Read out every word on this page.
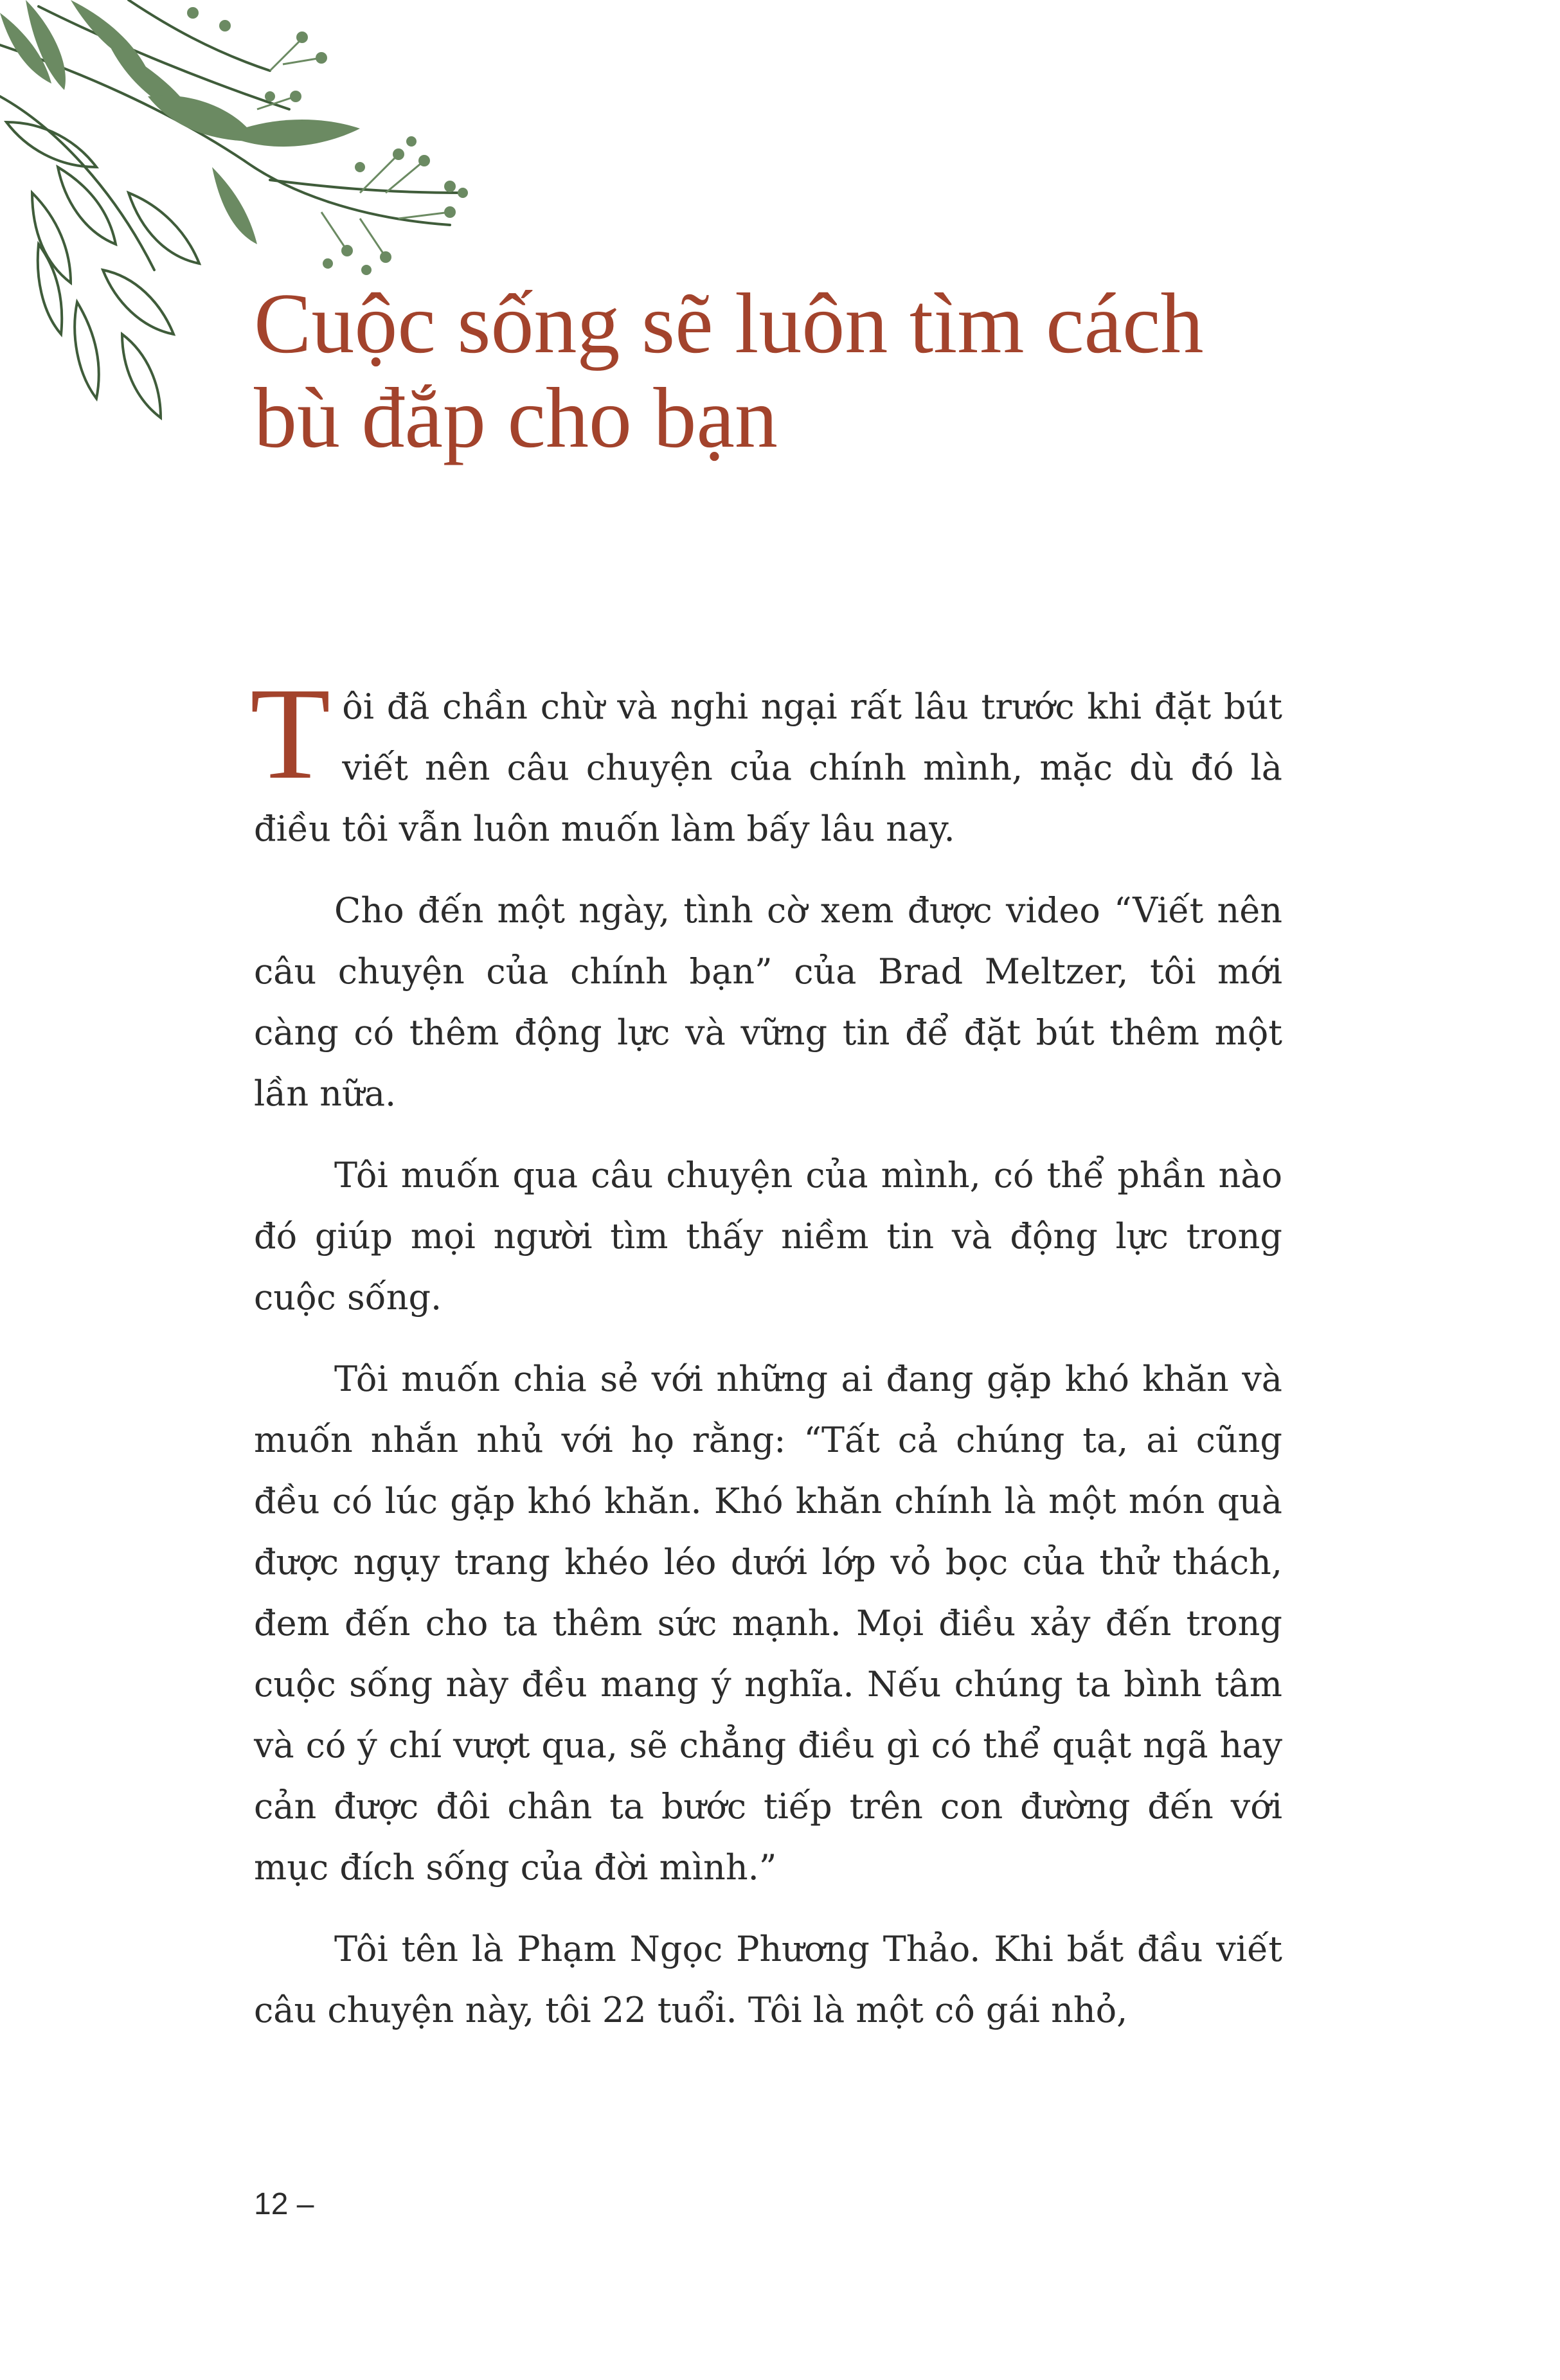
Cuộc sống sẽ luôn tìm cách
bù đắp cho bạn

Tôi đã chần chừ và nghi ngại rất lâu trước khi đặt bút viết nên câu chuyện của chính mình, mặc dù đó là điều tôi vẫn luôn muốn làm bấy lâu nay.

Cho đến một ngày, tình cờ xem được video “Viết nên câu chuyện của chính bạn” của Brad Meltzer, tôi mới càng có thêm động lực và vững tin để đặt bút thêm một lần nữa.

Tôi muốn qua câu chuyện của mình, có thể phần nào đó giúp mọi người tìm thấy niềm tin và động lực trong cuộc sống.

Tôi muốn chia sẻ với những ai đang gặp khó khăn và muốn nhắn nhủ với họ rằng: “Tất cả chúng ta, ai cũng đều có lúc gặp khó khăn. Khó khăn chính là một món quà được ngụy trang khéo léo dưới lớp vỏ bọc của thử thách, đem đến cho ta thêm sức mạnh. Mọi điều xảy đến trong cuộc sống này đều mang ý nghĩa. Nếu chúng ta bình tâm và có ý chí vượt qua, sẽ chẳng điều gì có thể quật ngã hay cản được đôi chân ta bước tiếp trên con đường đến với mục đích sống của đời mình.”

Tôi tên là Phạm Ngọc Phương Thảo. Khi bắt đầu viết câu chuyện này, tôi 22 tuổi. Tôi là một cô gái nhỏ,

12 –
